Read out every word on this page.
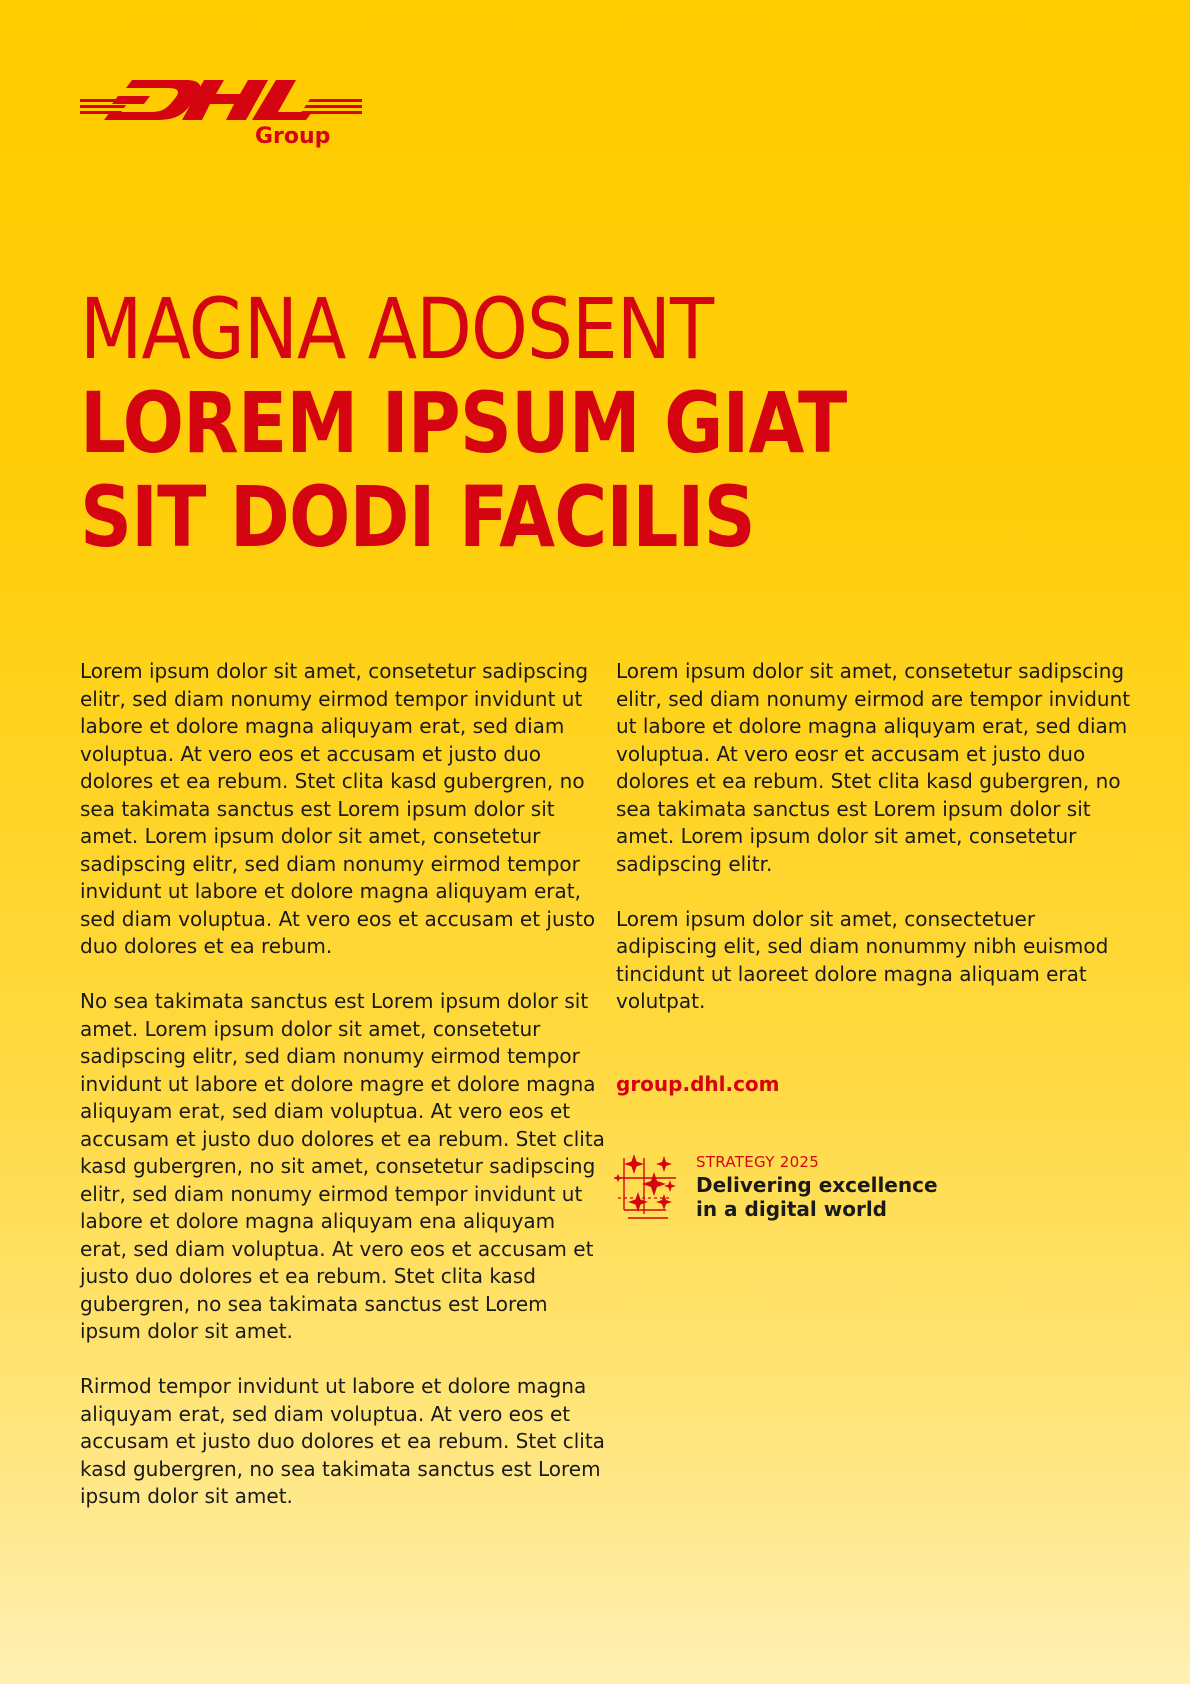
Group
MAGNA ADOSENT
LOREM IPSUM GIAT
SIT DODI FACILIS

Lorem ipsum dolor sit amet, consetetur sadipscing
elitr, sed diam nonumy eirmod tempor invidunt ut
labore et dolore magna aliquyam erat, sed diam
voluptua. At vero eos et accusam et justo duo
dolores et ea rebum. Stet clita kasd gubergren, no
sea takimata sanctus est Lorem ipsum dolor sit
amet. Lorem ipsum dolor sit amet, consetetur
sadipscing elitr, sed diam nonumy eirmod tempor
invidunt ut labore et dolore magna aliquyam erat,
sed diam voluptua. At vero eos et accusam et justo
duo dolores et ea rebum.

No sea takimata sanctus est Lorem ipsum dolor sit
amet. Lorem ipsum dolor sit amet, consetetur
sadipscing elitr, sed diam nonumy eirmod tempor
invidunt ut labore et dolore magre et dolore magna
aliquyam erat, sed diam voluptua. At vero eos et
accusam et justo duo dolores et ea rebum. Stet clita
kasd gubergren, no sit amet, consetetur sadipscing
elitr, sed diam nonumy eirmod tempor invidunt ut
labore et dolore magna aliquyam ena aliquyam
erat, sed diam voluptua. At vero eos et accusam et
justo duo dolores et ea rebum. Stet clita kasd
gubergren, no sea takimata sanctus est Lorem
ipsum dolor sit amet.

Rirmod tempor invidunt ut labore et dolore magna
aliquyam erat, sed diam voluptua. At vero eos et
accusam et justo duo dolores et ea rebum. Stet clita
kasd gubergren, no sea takimata sanctus est Lorem
ipsum dolor sit amet.

Lorem ipsum dolor sit amet, consetetur sadipscing
elitr, sed diam nonumy eirmod are tempor invidunt
ut labore et dolore magna aliquyam erat, sed diam
voluptua. At vero eosr et accusam et justo duo
dolores et ea rebum. Stet clita kasd gubergren, no
sea takimata sanctus est Lorem ipsum dolor sit
amet. Lorem ipsum dolor sit amet, consetetur
sadipscing elitr.

Lorem ipsum dolor sit amet, consectetuer
adipiscing elit, sed diam nonummy nibh euismod
tincidunt ut laoreet dolore magna aliquam erat
volutpat.

group.dhl.com
STRATEGY 2025
Delivering excellence
in a digital world
